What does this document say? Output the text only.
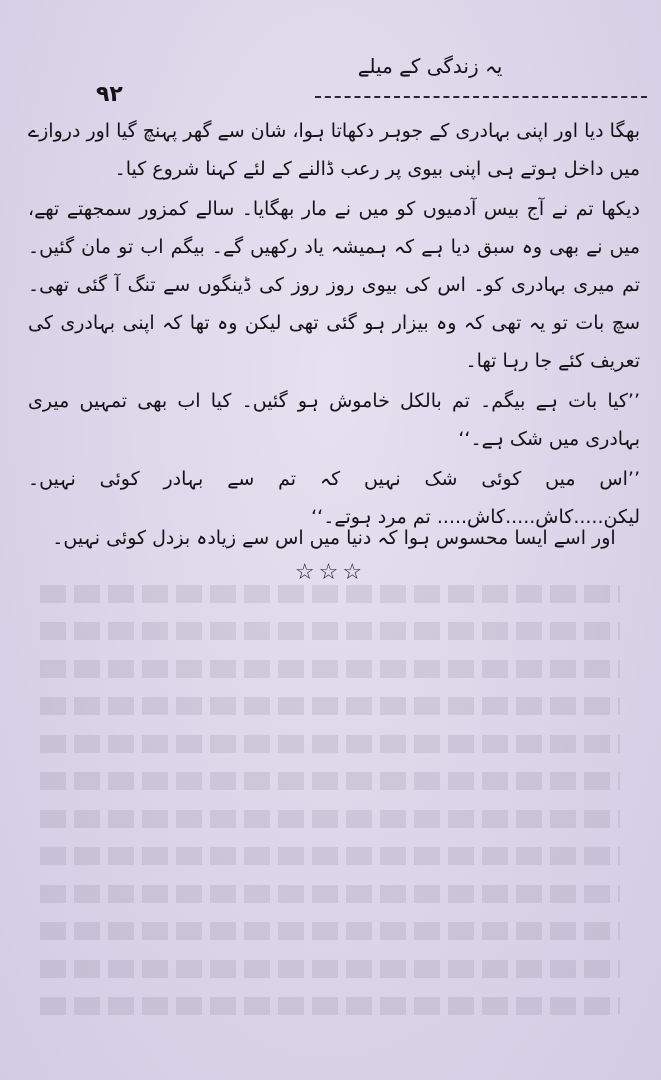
یہ زندگی کے میلے
۹۲

بھگا دیا اور اپنی بہادری کے جوہر دکھاتا ہوا، شان سے گھر پہنچ گیا اور دروازے میں داخل ہوتے ہی اپنی بیوی پر رعب ڈالنے کے لئے کہنا شروع کیا۔

دیکھا تم نے آج بیس آدمیوں کو میں نے مار بھگایا۔ سالے کمزور سمجھتے تھے، میں نے بھی وہ سبق دیا ہے کہ ہمیشہ یاد رکھیں گے۔ بیگم اب تو مان گئیں۔ تم میری بہادری کو۔ اس کی بیوی روز روز کی ڈینگوں سے تنگ آ گئی تھی۔ سچ بات تو یہ تھی کہ وہ بیزار ہو گئی تھی لیکن وہ تھا کہ اپنی بہادری کی تعریف کئے جا رہا تھا۔

’’کیا بات ہے بیگم۔ تم بالکل خاموش ہو گئیں۔ کیا اب بھی تمہیں میری بہادری میں شک ہے۔‘‘

’’اس میں کوئی شک نہیں کہ تم سے بہادر کوئی نہیں۔ لیکن.....کاش.....کاش..... تم مرد ہوتے۔‘‘

اور اسے ایسا محسوس ہوا کہ دنیا میں اس سے زیادہ بزدل کوئی نہیں۔
☆☆☆
